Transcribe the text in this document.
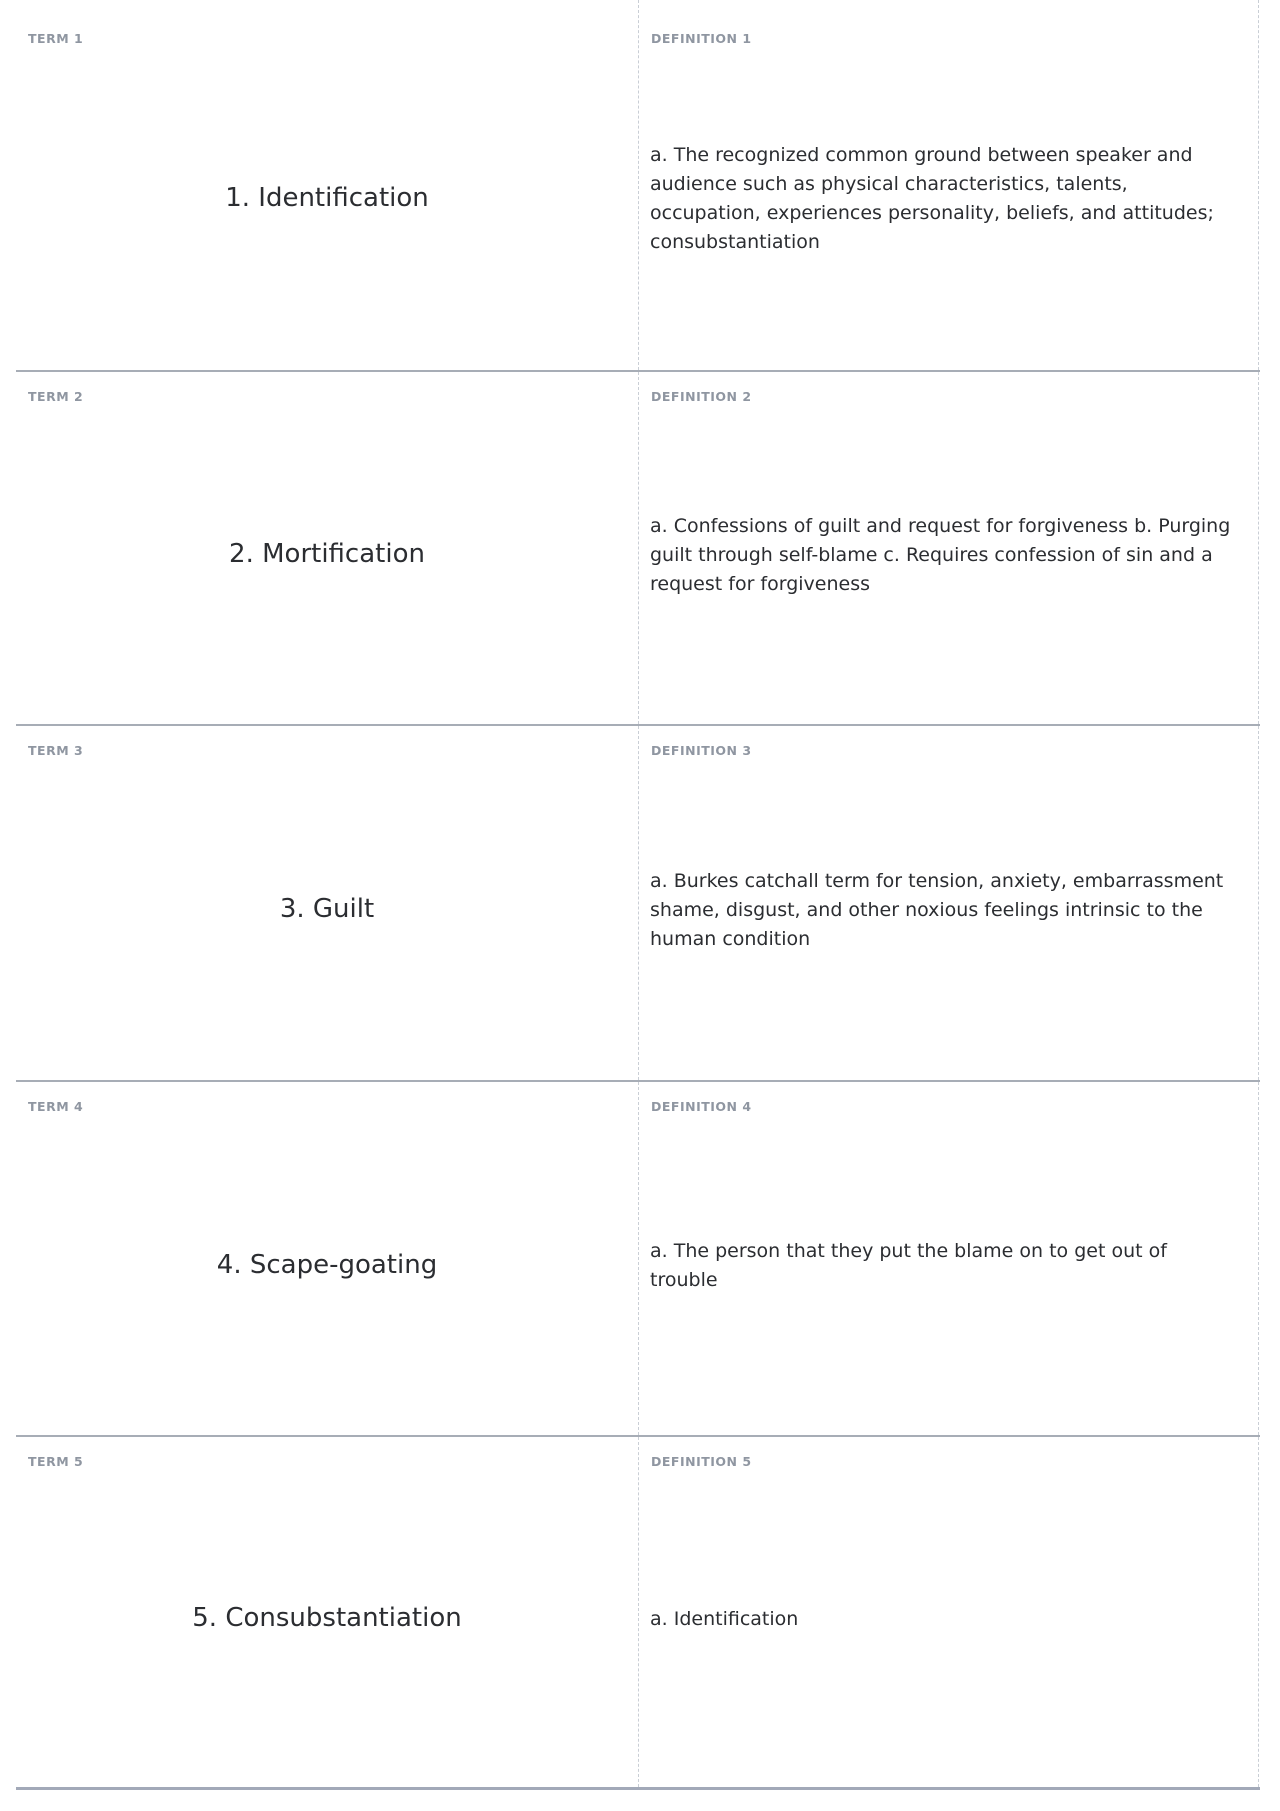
TERM 1
1. Identification
DEFINITION 1
a. The recognized common ground between speaker and audience such as physical characteristics, talents, occupation, experiences personality, beliefs, and attitudes; consubstantiation
TERM 2
2. Mortification
DEFINITION 2
a. Confessions of guilt and request for forgiveness b. Purging guilt through self-blame c. Requires confession of sin and a request for forgiveness
TERM 3
3. Guilt
DEFINITION 3
a. Burkes catchall term for tension, anxiety, embarrassment shame, disgust, and other noxious feelings intrinsic to the human condition
TERM 4
4. Scape-goating
DEFINITION 4
a. The person that they put the blame on to get out of trouble
TERM 5
5. Consubstantiation
DEFINITION 5
a. Identification
